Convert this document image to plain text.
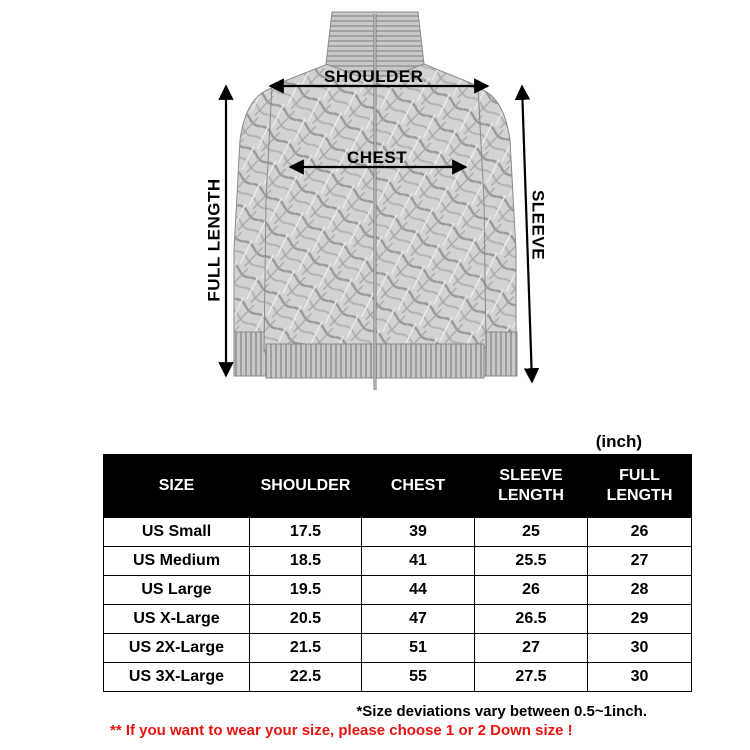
SHOULDER
CHEST
FULL LENGTH	SLEEVE
(inch)
SIZE	SHOULDER	CHEST	SLEEVE LENGTH	FULL LENGTH
US Small	17.5	39	25	26
US Medium	18.5	41	25.5	27
US Large	19.5	44	26	28
US X-Large	20.5	47	26.5	29
US 2X-Large	21.5	51	27	30
US 3X-Large	22.5	55	27.5	30
*Size deviations vary between 0.5~1inch.
** If you want to wear your size, please choose 1 or 2 Down size !
